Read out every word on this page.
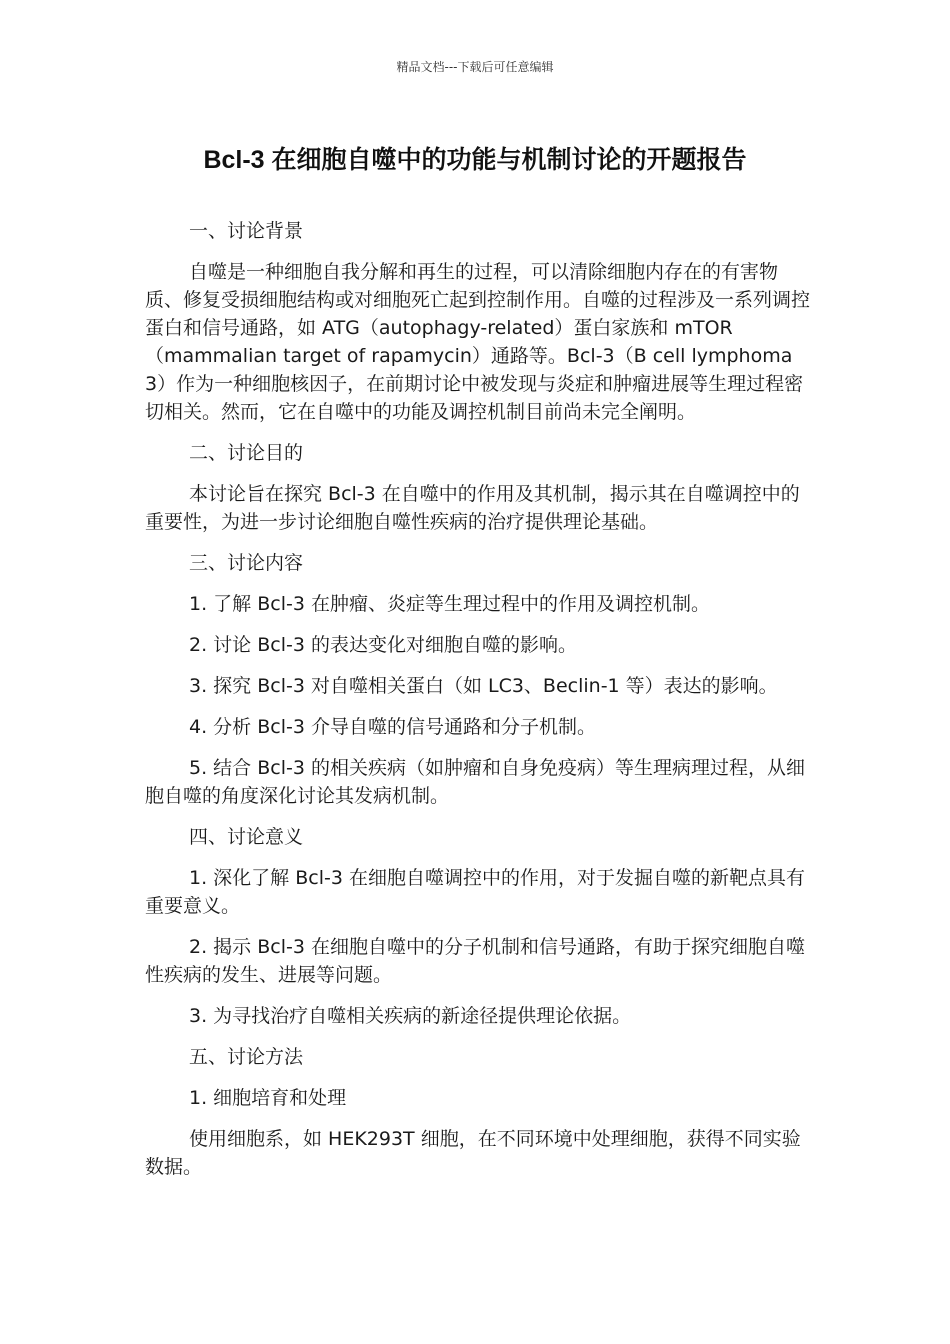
精品文档---下载后可任意编辑
Bcl-3 在细胞自噬中的功能与机制讨论的开题报告

一、讨论背景

自噬是一种细胞自我分解和再生的过程，可以清除细胞内存在的有害物质、修复受损细胞结构或对细胞死亡起到控制作用。自噬的过程涉及一系列调控蛋白和信号通路，如 ATG（autophagy-related）蛋白家族和 mTOR（mammalian target of rapamycin）通路等。Bcl-3（B cell lymphoma 3）作为一种细胞核因子，在前期讨论中被发现与炎症和肿瘤进展等生理过程密切相关。然而，它在自噬中的功能及调控机制目前尚未完全阐明。

二、讨论目的

本讨论旨在探究 Bcl-3 在自噬中的作用及其机制，揭示其在自噬调控中的重要性，为进一步讨论细胞自噬性疾病的治疗提供理论基础。

三、讨论内容

1. 了解 Bcl-3 在肿瘤、炎症等生理过程中的作用及调控机制。

2. 讨论 Bcl-3 的表达变化对细胞自噬的影响。

3. 探究 Bcl-3 对自噬相关蛋白（如 LC3、Beclin-1 等）表达的影响。

4. 分析 Bcl-3 介导自噬的信号通路和分子机制。

5. 结合 Bcl-3 的相关疾病（如肿瘤和自身免疫病）等生理病理过程，从细胞自噬的角度深化讨论其发病机制。

四、讨论意义

1. 深化了解 Bcl-3 在细胞自噬调控中的作用，对于发掘自噬的新靶点具有重要意义。

2. 揭示 Bcl-3 在细胞自噬中的分子机制和信号通路，有助于探究细胞自噬性疾病的发生、进展等问题。

3. 为寻找治疗自噬相关疾病的新途径提供理论依据。

五、讨论方法

1. 细胞培育和处理

使用细胞系，如 HEK293T 细胞，在不同环境中处理细胞，获得不同实验数据。
